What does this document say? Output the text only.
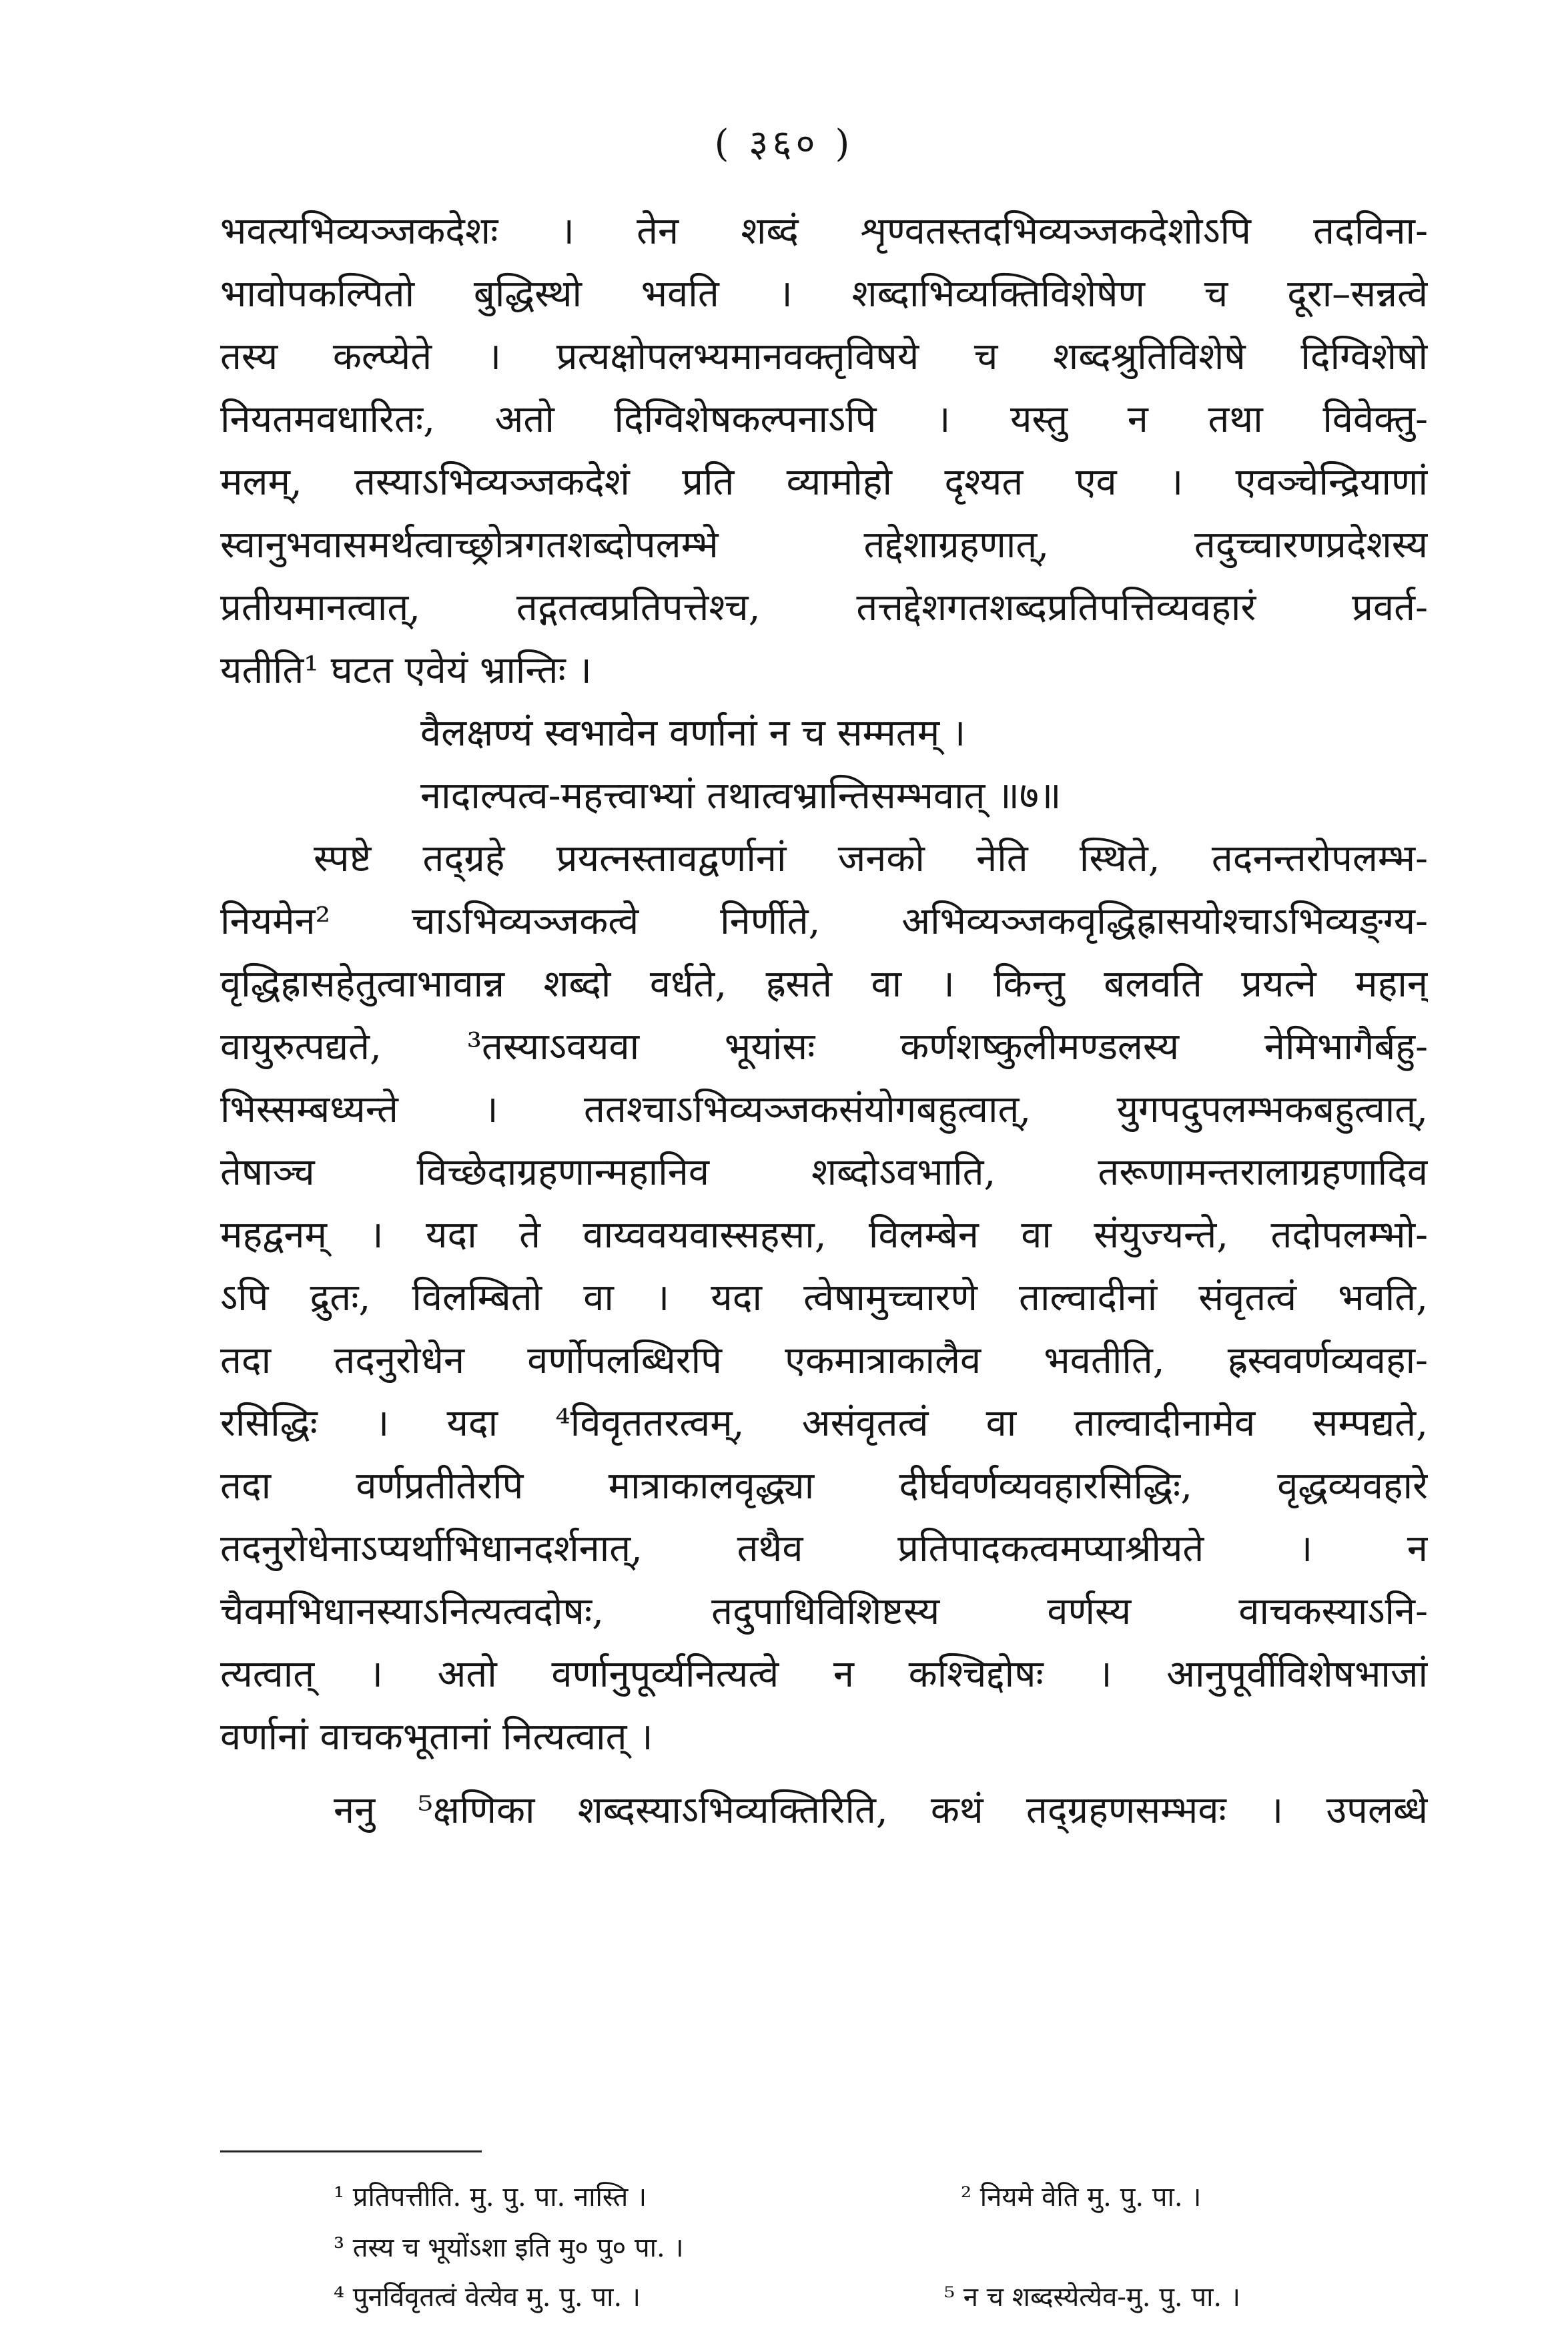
( ३६० )
भवत्यभिव्यञ्जकदेशः । तेन शब्दं शृण्वतस्तदभिव्यञ्जकदेशोऽपि तदविना-
भावोपकल्पितो बुद्धिस्थो भवति । शब्दाभिव्यक्तिविशेषेण च दूरा–सन्नत्वे
तस्य कल्प्येते । प्रत्यक्षोपलभ्यमानवक्तृविषये च शब्दश्रुतिविशेषे दिग्विशेषो
नियतमवधारितः, अतो दिग्विशेषकल्पनाऽपि । यस्तु न तथा विवेक्तु-
मलम्, तस्याऽभिव्यञ्जकदेशं प्रति व्यामोहो दृश्यत एव । एवञ्चेन्द्रियाणां
स्वानुभवासमर्थत्वाच्छ्रोत्रगतशब्दोपलम्भे तद्देशाग्रहणात्, तदुच्चारणप्रदेशस्य
प्रतीयमानत्वात्, तद्गतत्वप्रतिपत्तेश्च, तत्तद्देशगतशब्दप्रतिपत्तिव्यवहारं प्रवर्त-
यतीति¹ घटत एवेयं भ्रान्तिः ।
वैलक्षण्यं स्वभावेन वर्णानां न च सम्मतम् ।
नादाल्पत्व-महत्त्वाभ्यां तथात्वभ्रान्तिसम्भवात् ॥७॥
स्पष्टे तद्ग्रहे प्रयत्नस्तावद्वर्णानां जनको नेति स्थिते, तदनन्तरोपलम्भ-
नियमेन² चाऽभिव्यञ्जकत्वे निर्णीते, अभिव्यञ्जकवृद्धिह्रासयोश्चाऽभिव्यङ्ग्य-
वृद्धिह्रासहेतुत्वाभावान्न शब्दो वर्धते, ह्रसते वा । किन्तु बलवति प्रयत्ने महान्
वायुरुत्पद्यते, ³तस्याऽवयवा भूयांसः कर्णशष्कुलीमण्डलस्य नेमिभागैर्बहु-
भिस्सम्बध्यन्ते । ततश्चाऽभिव्यञ्जकसंयोगबहुत्वात्, युगपदुपलम्भकबहुत्वात्,
तेषाञ्च विच्छेदाग्रहणान्महानिव शब्दोऽवभाति, तरूणामन्तरालाग्रहणादिव
महद्वनम् । यदा ते वाय्ववयवास्सहसा, विलम्बेन वा संयुज्यन्ते, तदोपलम्भो-
ऽपि द्रुतः, विलम्बितो वा । यदा त्वेषामुच्चारणे ताल्वादीनां संवृतत्वं भवति,
तदा तदनुरोधेन वर्णोपलब्धिरपि एकमात्राकालैव भवतीति, ह्रस्ववर्णव्यवहा-
रसिद्धिः । यदा ⁴विवृततरत्वम्, असंवृतत्वं वा ताल्वादीनामेव सम्पद्यते,
तदा वर्णप्रतीतेरपि मात्राकालवृद्ध्या दीर्घवर्णव्यवहारसिद्धिः, वृद्धव्यवहारे
तदनुरोधेनाऽप्यर्थाभिधानदर्शनात्, तथैव प्रतिपादकत्वमप्याश्रीयते । न
चैवमभिधानस्याऽनित्यत्वदोषः, तदुपाधिविशिष्टस्य वर्णस्य वाचकस्याऽनि-
त्यत्वात् । अतो वर्णानुपूर्व्यनित्यत्वे न कश्चिद्दोषः । आनुपूर्वीविशेषभाजां
वर्णानां वाचकभूतानां नित्यत्वात् ।
ननु ⁵क्षणिका शब्दस्याऽभिव्यक्तिरिति, कथं तद्ग्रहणसम्भवः । उपलब्धे
¹ प्रतिपत्तीति. मु. पु. पा. नास्ति ।	² नियमे वेति मु. पु. पा. ।
³ तस्य च भूयोंऽशा इति मु० पु० पा. ।
⁴ पुनर्विवृतत्वं वेत्येव मु. पु. पा. ।	⁵ न च शब्दस्येत्येव-मु. पु. पा. ।
